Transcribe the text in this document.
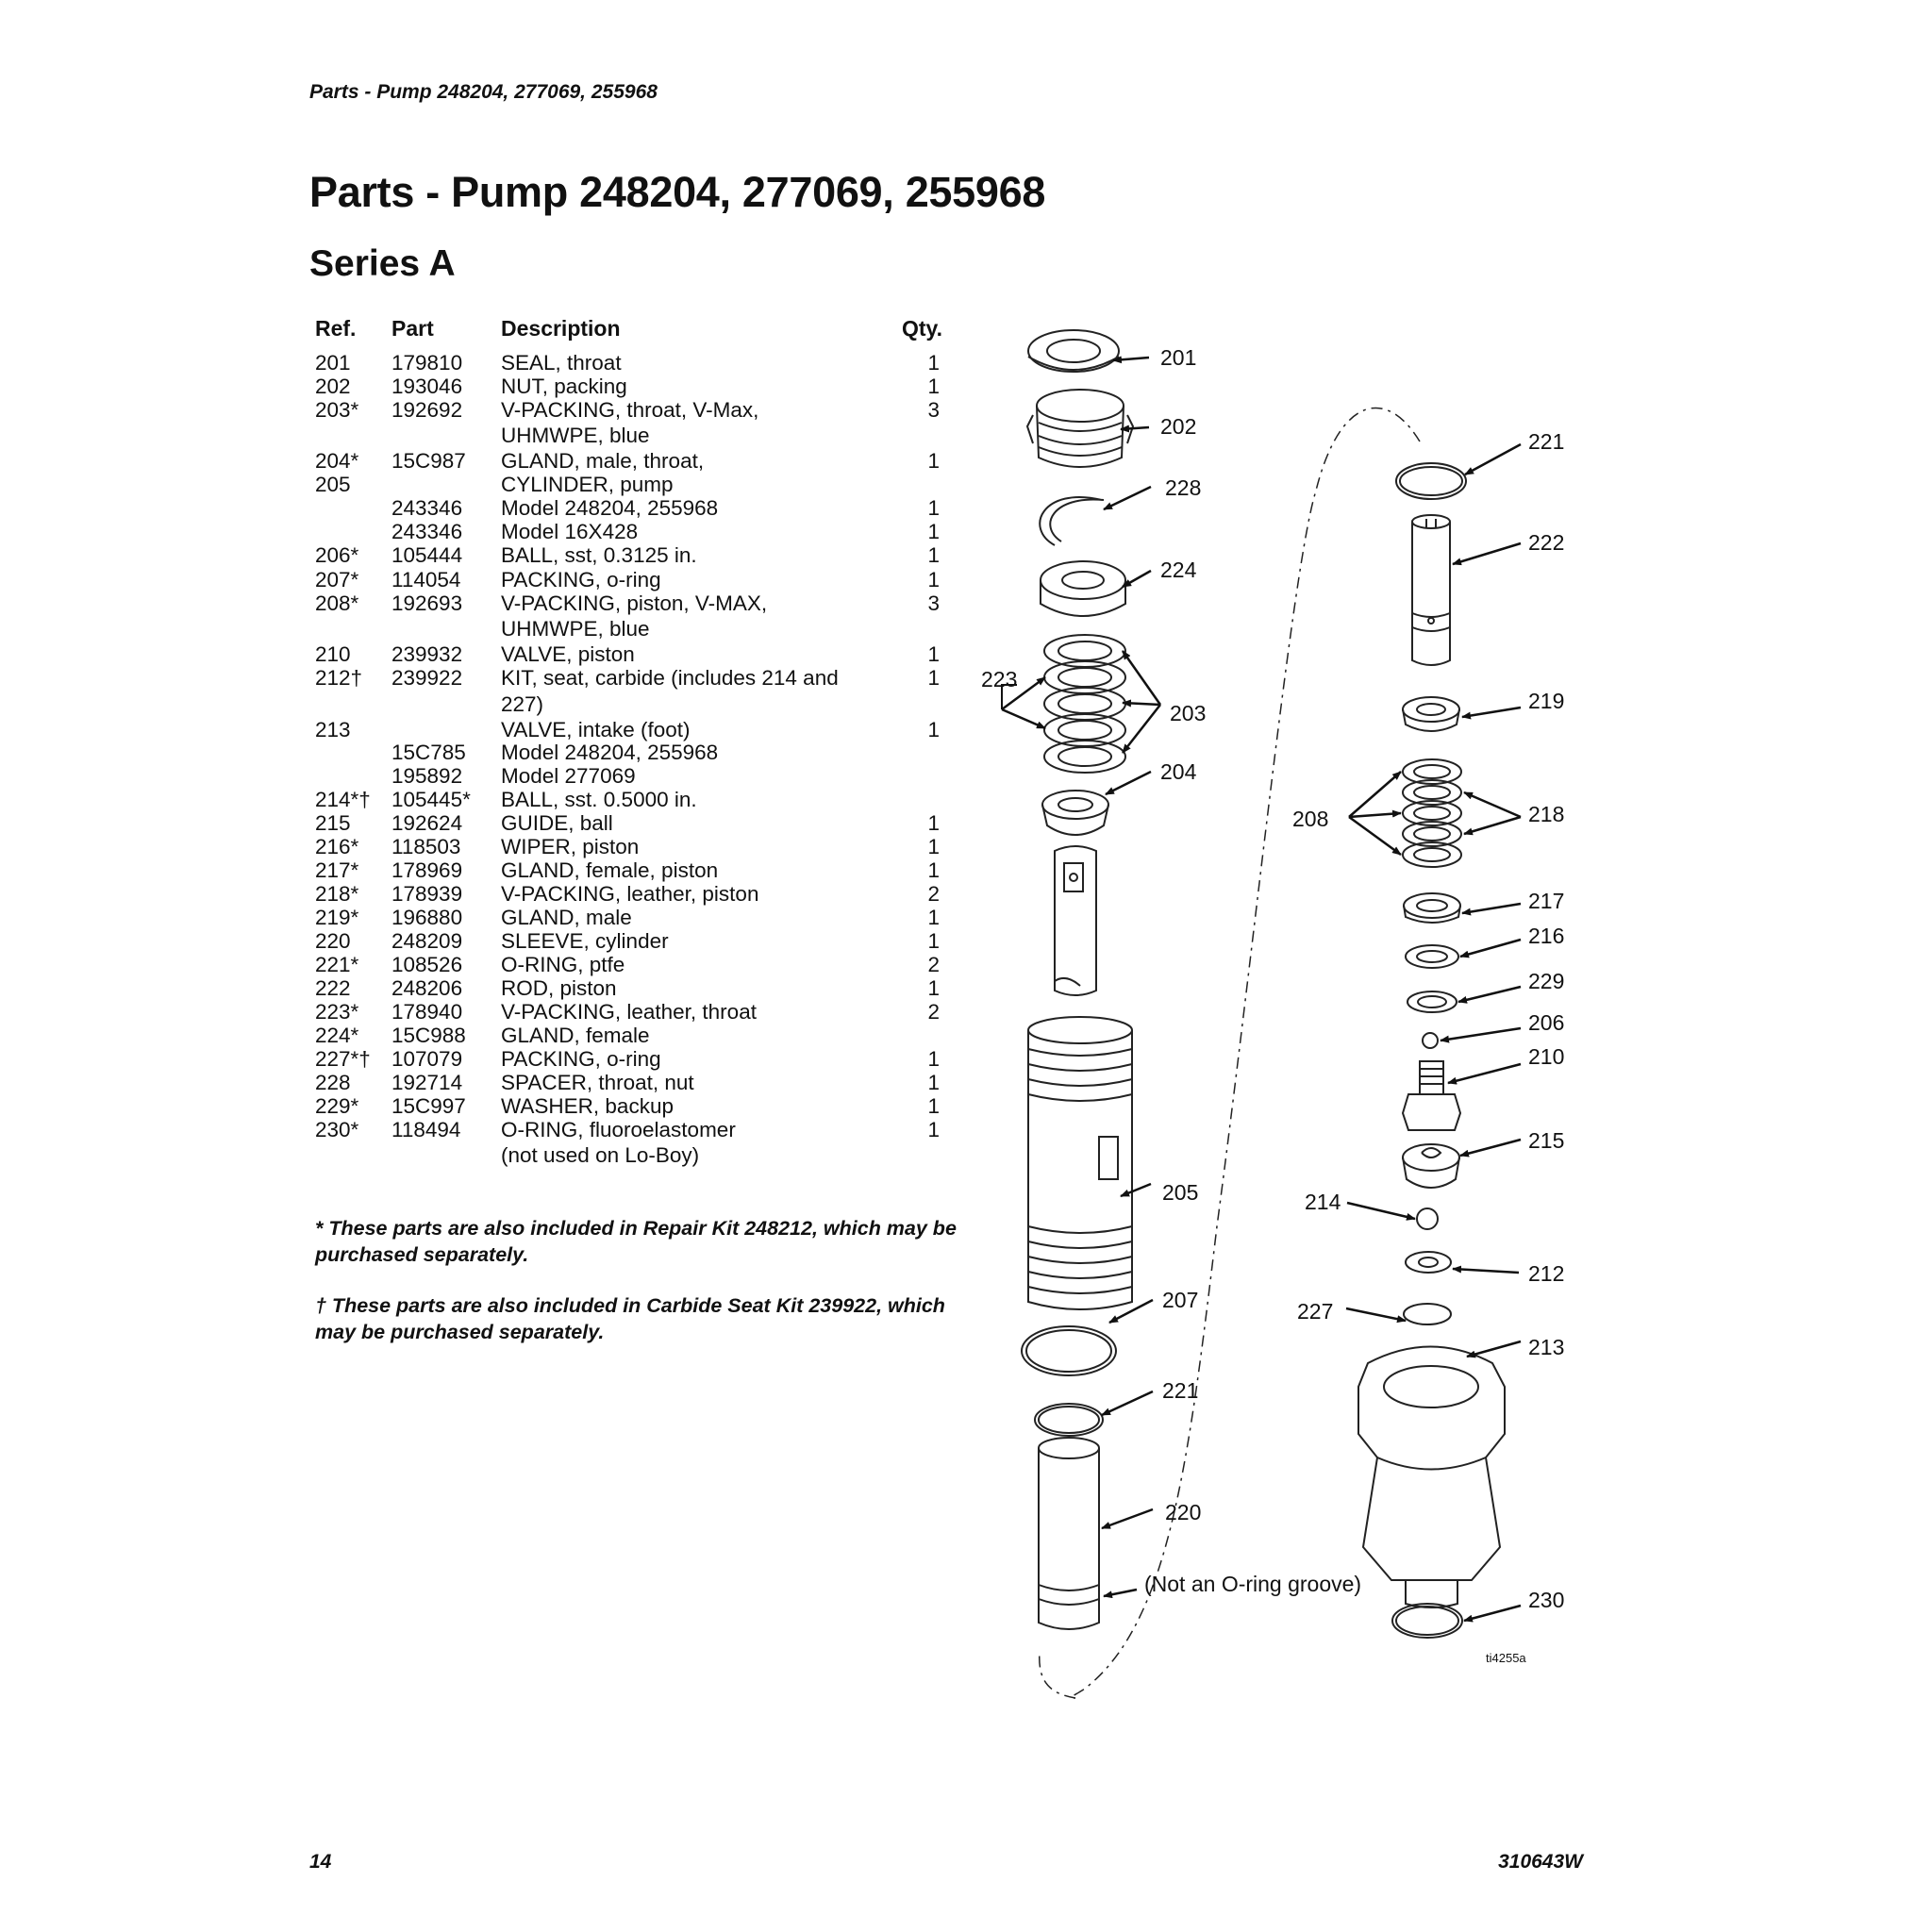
Parts - Pump 248204, 277069, 255968
Parts - Pump 248204, 277069, 255968
Series A
Ref. Part	Description	Qty.
201 179810 SEAL, throat	1
202 193046 NUT, packing	1
203* 192692 V-PACKING, throat, V-Max,	3
UHMWPE, blue
204* 15C987 GLAND, male, throat,	1
205	CYLINDER, pump
243346 Model 248204, 255968	1
243346 Model 16X428	1
206* 105444 BALL, sst, 0.3125 in.	1
207* 114054 PACKING, o-ring	1
208* 192693 V-PACKING, piston, V-MAX,	3
UHMWPE, blue
210 239932 VALVE, piston	1
212† 239922 KIT, seat, carbide (includes 214 and	1
227)
213	VALVE, intake (foot)	1
15C785 Model 248204, 255968
195892 Model 277069
214*† 105445* BALL, sst. 0.5000 in.
215 192624 GUIDE, ball	1
216* 118503 WIPER, piston	1
217* 178969 GLAND, female, piston	1
218* 178939 V-PACKING, leather, piston	2
219* 196880 GLAND, male	1
220 248209 SLEEVE, cylinder	1
221* 108526 O-RING, ptfe	2
222 248206 ROD, piston	1
223* 178940 V-PACKING, leather, throat	2
224* 15C988 GLAND, female
227*† 107079 PACKING, o-ring	1
228 192714 SPACER, throat, nut	1
229* 15C997 WASHER, backup	1
230* 118494 O-RING, fluoroelastomer	1
(not used on Lo-Boy)
* These parts are also included in Repair Kit 248212, which may be purchased separately.
† These parts are also included in Carbide Seat Kit 239922, which may be purchased separately.
201
202
228
224
223
203
204
205
207
221
220
222
219
208	218
217
216
229
206
210
215
214
212
227
213
230
221
(Not an O-ring groove)
ti4255a
14	310643W
